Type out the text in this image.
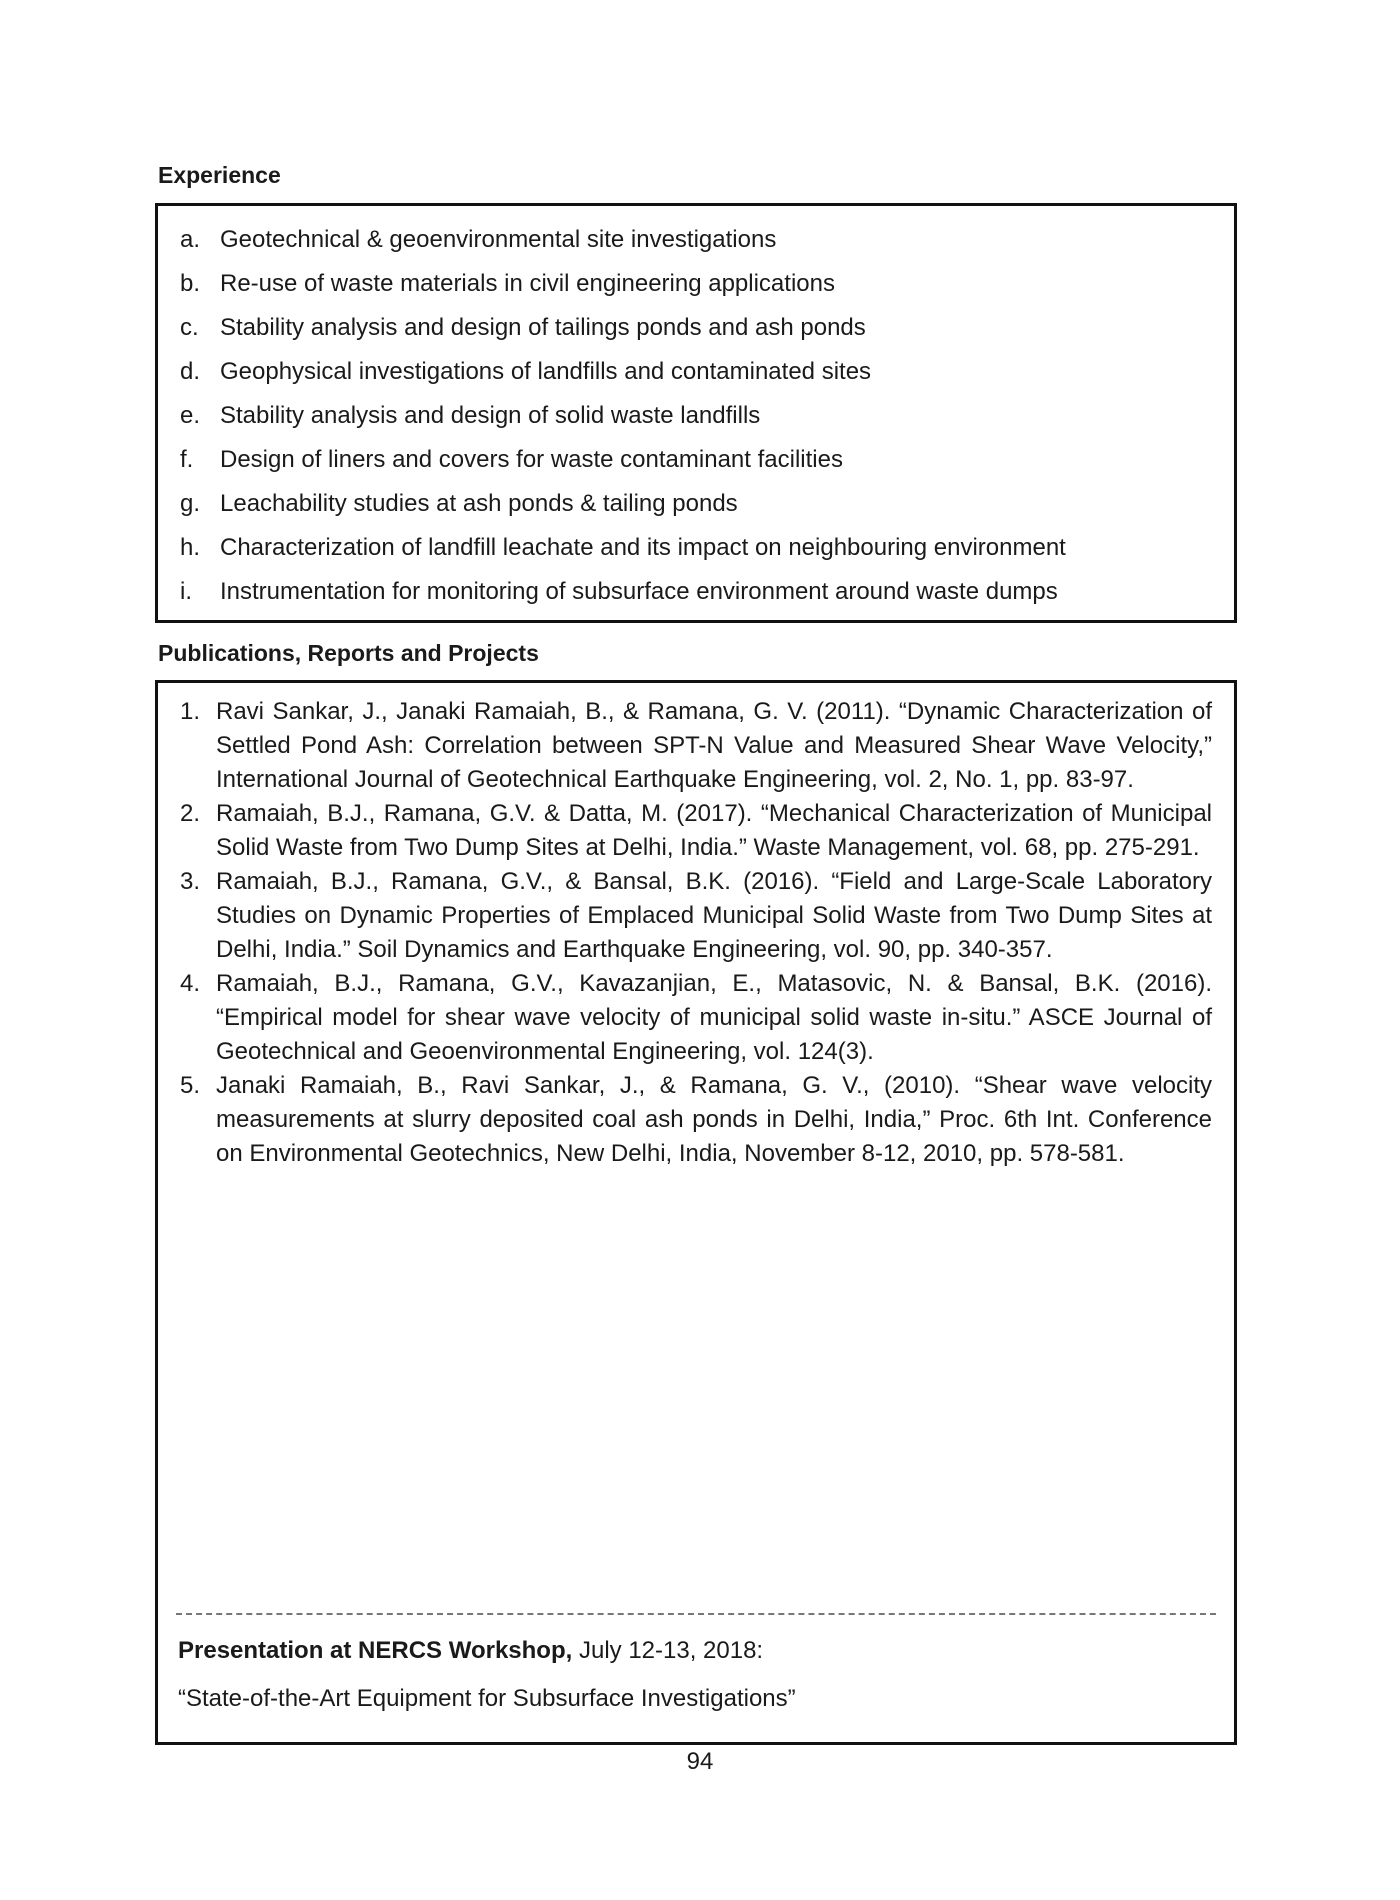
Experience
a. Geotechnical & geoenvironmental site investigations
b. Re-use of waste materials in civil engineering applications
c. Stability analysis and design of tailings ponds and ash ponds
d. Geophysical investigations of landfills and contaminated sites
e. Stability analysis and design of solid waste landfills
f.	Design of liners and covers for waste contaminant facilities
g. Leachability studies at ash ponds & tailing ponds
h. Characterization of landfill leachate and its impact on neighbouring environment
i.	Instrumentation for monitoring of subsurface environment around waste dumps
Publications, Reports and Projects
1. Ravi Sankar, J., Janaki Ramaiah, B., & Ramana, G. V. (2011). “Dynamic Characterization of Settled Pond Ash: Correlation between SPT-N Value and Measured Shear Wave Velocity,” International Journal of Geotechnical Earthquake Engineering, vol. 2, No. 1, pp. 83-97.
2. Ramaiah, B.J., Ramana, G.V. & Datta, M. (2017). “Mechanical Characterization of Municipal Solid Waste from Two Dump Sites at Delhi, India.” Waste Management, vol. 68, pp. 275-291.
3. Ramaiah, B.J., Ramana, G.V., & Bansal, B.K. (2016). “Field and Large-Scale Laboratory Studies on Dynamic Properties of Emplaced Municipal Solid Waste from Two Dump Sites at Delhi, India.” Soil Dynamics and Earthquake Engineering, vol. 90, pp. 340-357.
4. Ramaiah, B.J., Ramana, G.V., Kavazanjian, E., Matasovic, N. & Bansal, B.K. (2016). “Empirical model for shear wave velocity of municipal solid waste in-situ.” ASCE Journal of Geotechnical and Geoenvironmental Engineering, vol. 124(3).
5. Janaki Ramaiah, B., Ravi Sankar, J., & Ramana, G. V., (2010). “Shear wave velocity measurements at slurry deposited coal ash ponds in Delhi, India,” Proc. 6th Int. Conference on Environmental Geotechnics, New Delhi, India, November 8-12, 2010, pp. 578-581.

Presentation at NERCS Workshop, July 12-13, 2018:

“State-of-the-Art Equipment for Subsurface Investigations”

94
